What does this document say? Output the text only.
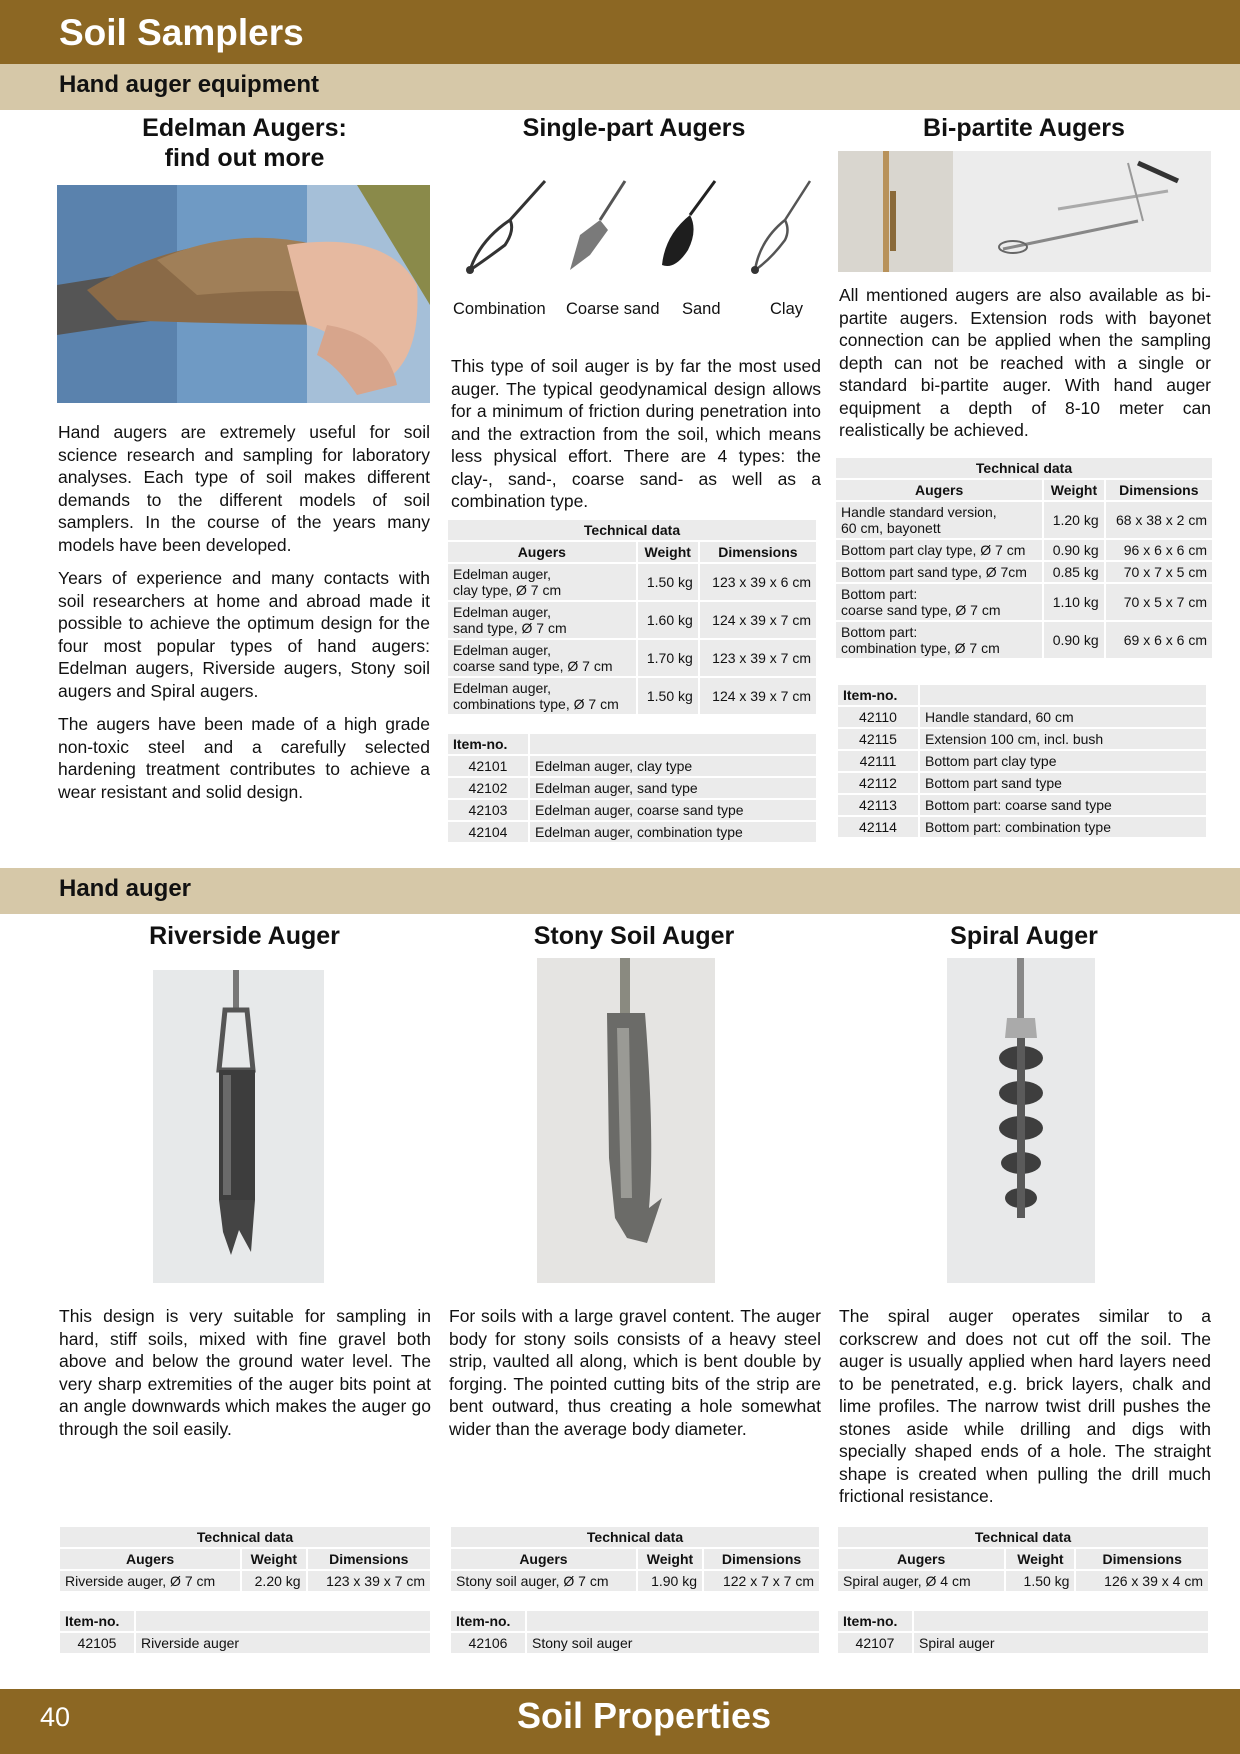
Soil Samplers
Hand auger equipment
Edelman Augers:
find out more

Hand augers are extremely useful for soil science research and sampling for laboratory analyses. Each type of soil makes different demands to the different models of soil samplers. In the course of the years many models have been developed.

Years of experience and many contacts with soil researchers at home and abroad made it possible to achieve the optimum design for the four most popular types of hand augers: Edelman augers, Riverside augers, Stony soil augers and Spiral augers.

The augers have been made of a high grade non-toxic steel and a carefully selected hardening treatment contributes to achieve a wear resistant and solid design.

Single-part Augers
Combination Coarse sand Sand	Clay

This type of soil auger is by far the most used auger. The typical geodynamical design allows for a minimum of friction during penetration into and the extraction from the soil, which means less physical effort. There are 4 types: the clay-, sand-, coarse sand- as well as a combination type.

Technical data		
Augers	Weight	Dimensions
Edelman auger,
clay type, Ø 7 cm	1.50 kg	123 x 39 x 6 cm
Edelman auger,
sand type, Ø 7 cm	1.60 kg	124 x 39 x 7 cm
Edelman auger,
coarse sand type, Ø 7 cm	1.70 kg	123 x 39 x 7 cm
Edelman auger,
combinations type, Ø 7 cm	1.50 kg	124 x 39 x 7 cm
Item-no.	
42101	Edelman auger, clay type
42102	Edelman auger, sand type
42103	Edelman auger, coarse sand type
42104	Edelman auger, combination type
Bi-partite Augers

All mentioned augers are also available as bi-partite augers. Extension rods with bayonet connection can be applied when the sampling depth can not be reached with a single or standard bi-partite auger. With hand auger equipment a depth of 8-10 meter can realistically be achieved.

Technical data		
Augers	Weight	Dimensions
Handle standard version,
60 cm, bayonett	1.20 kg	68 x 38 x 2 cm
Bottom part clay type, Ø 7 cm	0.90 kg	96 x 6 x 6 cm
Bottom part sand type, Ø 7cm	0.85 kg	70 x 7 x 5 cm
Bottom part:
coarse sand type, Ø 7 cm	1.10 kg	70 x 5 x 7 cm
Bottom part:
combination type, Ø 7 cm	0.90 kg	69 x 6 x 6 cm
Item-no.	
42110	Handle standard, 60 cm
42115	Extension 100 cm, incl. bush
42111	Bottom part clay type
42112	Bottom part sand type
42113	Bottom part: coarse sand type
42114	Bottom part: combination type
Hand auger
Riverside Auger	Stony Soil Auger	Spiral Auger

This design is very suitable for sampling in hard, stiff soils, mixed with fine gravel both above and below the ground water level. The very sharp extremities of the auger bits point at an angle downwards which makes the auger go through the soil easily.

For soils with a large gravel content. The auger body for stony soils consists of a heavy steel strip, vaulted all along, which is bent double by forging. The pointed cutting bits of the strip are bent outward, thus creating a hole somewhat wider than the average body diameter.

The spiral auger operates similar to a corkscrew and does not cut off the soil. The auger is usually applied when hard layers need to be penetrated, e.g. brick layers, chalk and lime profiles. The narrow twist drill pushes the stones aside while drilling and digs with specially shaped ends of a hole. The straight shape is created when pulling the drill much frictional resistance.

Technical data		
Augers	Weight	Dimensions
Riverside auger, Ø 7 cm	2.20 kg	123 x 39 x 7 cm
Item-no.	
42105	Riverside auger
Technical data		
Augers	Weight	Dimensions
Stony soil auger, Ø 7 cm	1.90 kg	122 x 7 x 7 cm
Item-no.	
42106	Stony soil auger
Technical data		
Augers	Weight	Dimensions
Spiral auger, Ø 4 cm	1.50 kg	126 x 39 x 4 cm
Item-no.	
42107	Spiral auger
40	Soil Properties
